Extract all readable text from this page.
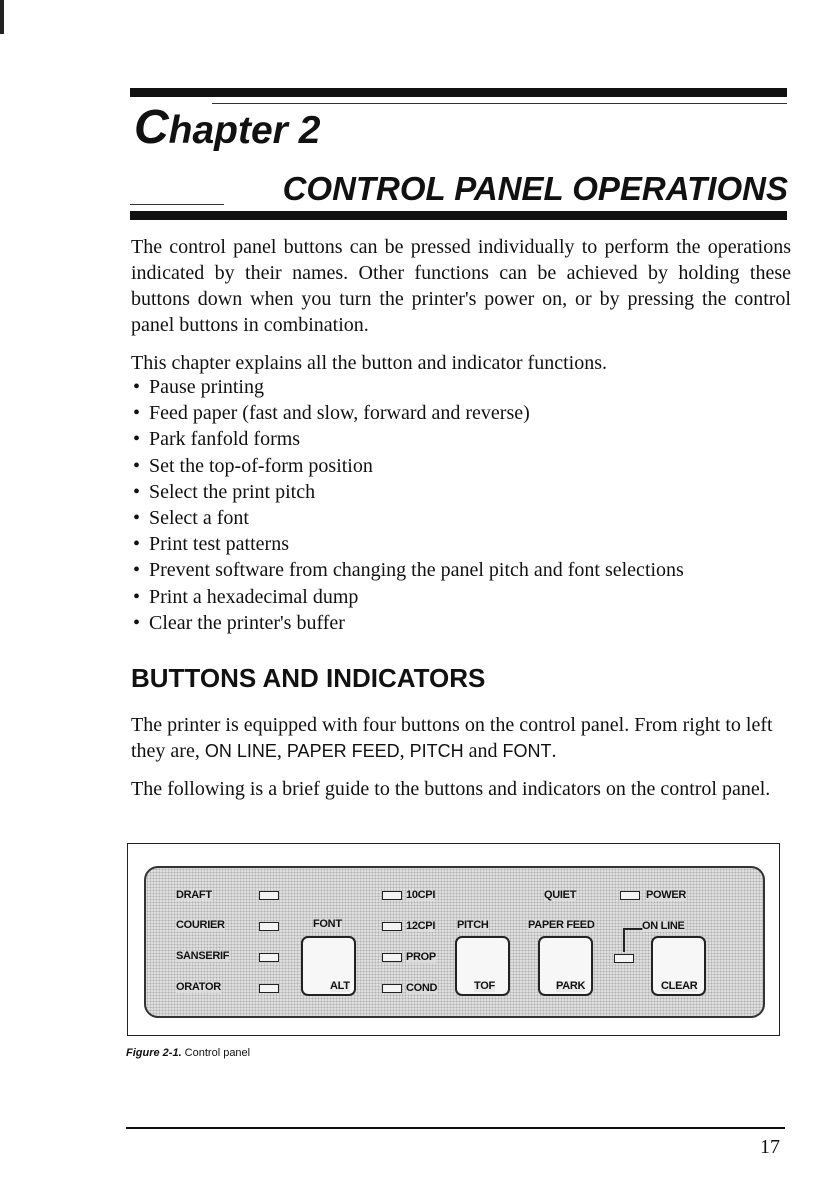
Chapter 2
CONTROL PANEL OPERATIONS

The control panel buttons can be pressed individually to perform the operations indicated by their names. Other functions can be achieved by holding these buttons down when you turn the printer's power on, or by pressing the control panel buttons in combination.

This chapter explains all the button and indicator functions.

• Pause printing
• Feed paper (fast and slow, forward and reverse)
• Park fanfold forms
• Set the top-of-form position
• Select the print pitch
• Select a font
• Print test patterns
• Prevent software from changing the panel pitch and font selections
• Print a hexadecimal dump
• Clear the printer's buffer
BUTTONS AND INDICATORS

The printer is equipped with four buttons on the control panel. From right to left they are, ON LINE, PAPER FEED, PITCH and FONT.

The following is a brief guide to the buttons and indicators on the control panel.

DRAFT
COURIER
SANSERIF
ORATOR
FONT
ALT
10CPI
12CPI
PROP
COND
PITCH
TOF
QUIET
PAPER FEED
PARK
POWER
ON LINE
CLEAR

Figure 2-1. Control panel

17
